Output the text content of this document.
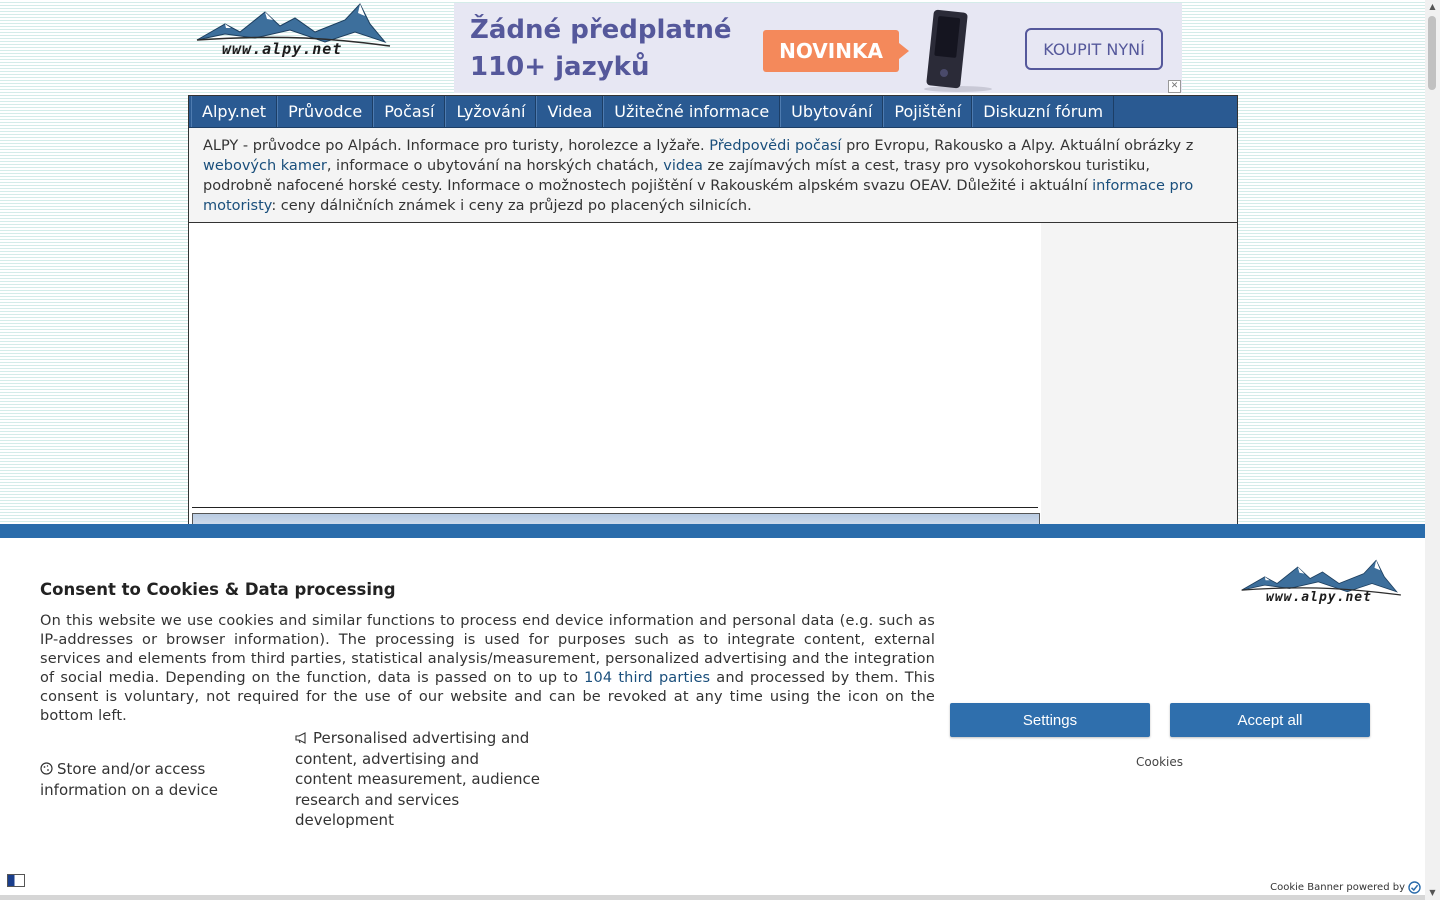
www.alpy.net
Žádné předplatné
110+ jazyků
NOVINKA	KOUPIT NYNÍ
✕
Alpy.net	Průvodce	Počasí	Lyžování	Videa	Užitečné informace	Ubytování	Pojištění	Diskuzní fórum
ALPY - průvodce po Alpách. Informace pro turisty, horolezce a lyžaře. Předpovědi počasí pro Evropu, Rakousko a Alpy. Aktuální obrázky z webových kamer, informace o ubytování na horských chatách, videa ze zajímavých míst a cest, trasy pro vysokohorskou turistiku, podrobně nafocené horské cesty. Informace o možnostech pojištění v Rakouském alpském svazu OEAV. Důležité i aktuální informace pro motoristy: ceny dálničních známek i ceny za průjezd po placených silnicích.
▲
▼
Consent to Cookies & Data processing
On this website we use cookies and similar functions to process end device information and personal data (e.g. such as IP-addresses or browser information). The processing is used for purposes such as to integrate content, external services and elements from third parties, statistical analysis/measurement, personalized advertising and the integration of social media. Depending on the function, data is passed on to up to 104 third parties and processed by them. This consent is voluntary, not required for the use of our website and can be revoked at any time using the icon on the bottom left.
Store and/or access information on a device
Personalised advertising and content, advertising and content measurement, audience research and services development
www.alpy.net
Settings	Accept all
Cookies
Cookie Banner powered by
